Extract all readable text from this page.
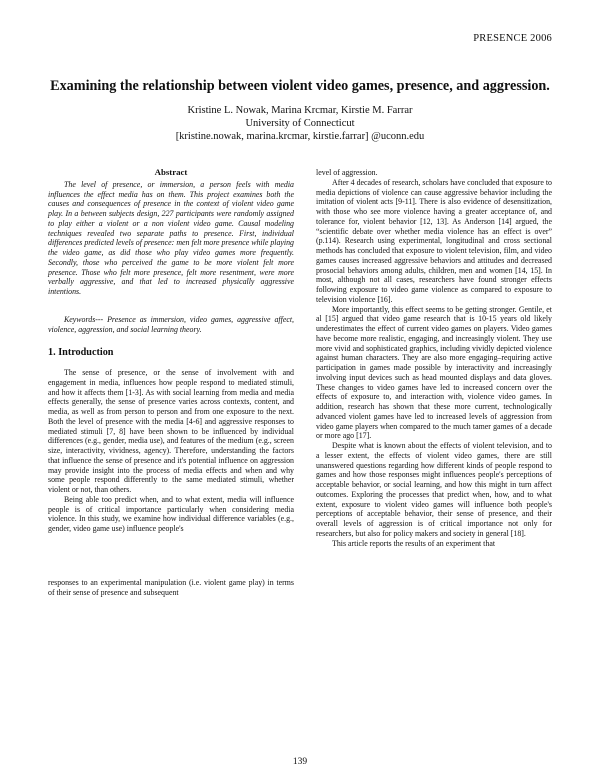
PRESENCE 2006
Examining the relationship between violent video games, presence, and aggression.
Kristine L. Nowak, Marina Krcmar, Kirstie M. Farrar
University of Connecticut
[kristine.nowak, marina.krcmar, kirstie.farrar] @uconn.edu
Abstract

The level of presence, or immersion, a person feels with media influences the effect media has on them. This project examines both the causes and consequences of presence in the context of violent video game play. In a between subjects design, 227 participants were randomly assigned to play either a violent or a non violent video game. Causal modeling techniques revealed two separate paths to presence. First, individual differences predicted levels of presence: men felt more presence while playing the video game, as did those who play video games more frequently. Secondly, those who perceived the game to be more violent felt more presence. Those who felt more presence, felt more resentment, were more verbally aggressive, and that led to increased physically aggressive intentions.

Keywords--- Presence as immersion, video games, aggressive affect, violence, aggression, and social learning theory.

1. Introduction

The sense of presence, or the sense of involvement with and engagement in media, influences how people respond to mediated stimuli, and how it affects them [1-3]. As with social learning from media and media effects generally, the sense of presence varies across contexts, content, and media, as well as from person to person and from one exposure to the next. Both the level of presence with the media [4-6] and aggressive responses to mediated stimuli [7, 8] have been shown to be influenced by individual differences (e.g., gender, media use), and features of the medium (e.g., screen size, interactivity, vividness, agency). Therefore, understanding the factors that influence the sense of presence and it's potential influence on aggression may provide insight into the process of media effects and when and why some people respond differently to the same mediated stimuli, whether violent or not, than others.

Being able too predict when, and to what extent, media will influence people is of critical importance particularly when considering media violence. In this study, we examine how individual difference variables (e.g., gender, video game use) influence people's

responses to an experimental manipulation (i.e. violent game play) in terms of their sense of presence and subsequent

level of aggression.

After 4 decades of research, scholars have concluded that exposure to media depictions of violence can cause aggressive behavior including the imitation of violent acts [9-11]. There is also evidence of desensitization, with those who see more violence having a greater acceptance of, and tolerance for, violent behavior [12, 13]. As Anderson [14] argued, the “scientific debate over whether media violence has an effect is over” (p.114). Research using experimental, longitudinal and cross sectional methods has concluded that exposure to violent television, film, and video games causes increased aggressive behaviors and attitudes and decreased prosocial behaviors among adults, children, men and women [14, 15]. In most, although not all cases, researchers have found stronger effects following exposure to video game violence as compared to exposure to television violence [16].

More importantly, this effect seems to be getting stronger. Gentile, et al [15] argued that video game research that is 10-15 years old likely underestimates the effect of current video games on players. Video games have become more realistic, engaging, and increasingly violent. They use more vivid and sophisticated graphics, including vividly depicted violence against human characters. They are also more engaging–requiring active participation in games made possible by interactivity and increasingly involving input devices such as head mounted displays and data gloves. These changes to video games have led to increased concern over the effects of exposure to, and interaction with, violence video games. In addition, research has shown that these more current, technologically advanced violent games have led to increased levels of aggression from video game players when compared to the much tamer games of a decade or more ago [17].

Despite what is known about the effects of violent television, and to a lesser extent, the effects of violent video games, there are still unanswered questions regarding how different kinds of people respond to games and how those responses might influences people's perceptions of acceptable behavior, or social learning, and how this might in turn affect outcomes. Exploring the processes that predict when, how, and to what extent, exposure to violent video games will influence both people's perceptions of acceptable behavior, their sense of presence, and their overall levels of aggression is of critical importance not only for researchers, but also for policy makers and society in general [18].

This article reports the results of an experiment that

139
